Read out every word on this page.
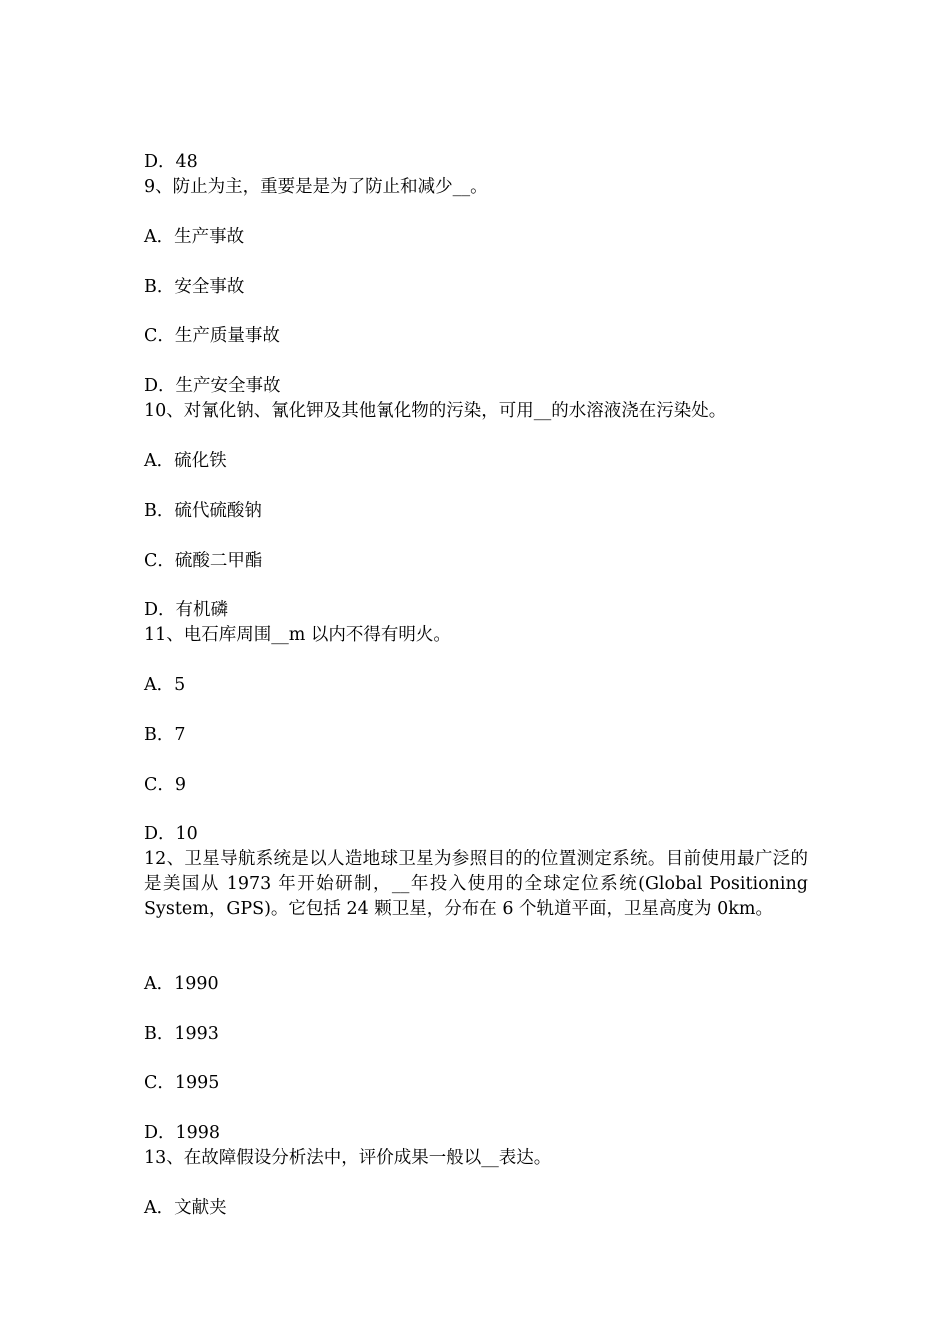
D．48
9、防止为主，重要是是为了防止和减少__。
A．生产事故
B．安全事故
C．生产质量事故
D．生产安全事故
10、对氰化钠、氰化钾及其他氰化物的污染，可用__的水溶液浇在污染处。
A．硫化铁
B．硫代硫酸钠
C．硫酸二甲酯
D．有机磷
11、电石库周围__m 以内不得有明火。
A．5
B．7
C．9
D．10
12、卫星导航系统是以人造地球卫星为参照目的的位置测定系统。目前使用最广泛的是美国从 1973 年开始研制，__年投入使用的全球定位系统(Global Positioning System，GPS)。它包括 24 颗卫星，分布在 6 个轨道平面，卫星高度为 0km。
A．1990
B．1993
C．1995
D．1998
13、在故障假设分析法中，评价成果一般以__表达。
A．文献夹
